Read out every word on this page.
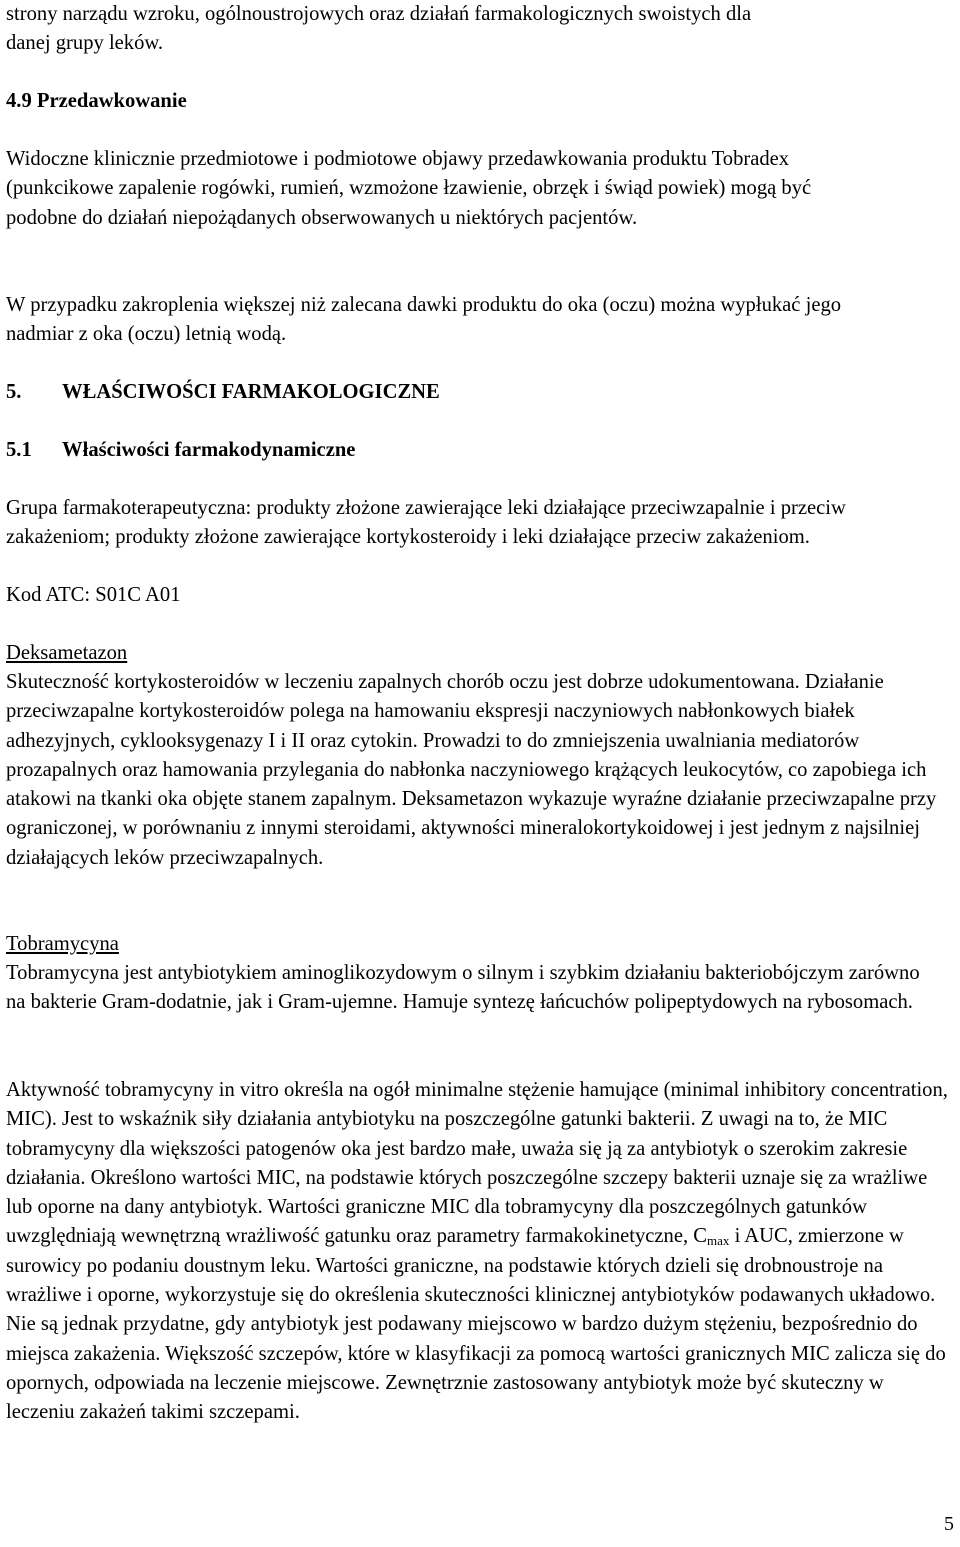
strony narządu wzroku, ogólnoustrojowych oraz działań farmakologicznych swoistych dla

danej grupy leków.

4.9 Przedawkowanie

Widoczne klinicznie przedmiotowe i podmiotowe objawy przedawkowania produktu Tobradex (punkcikowe zapalenie rogówki, rumień, wzmożone łzawienie, obrzęk i świąd powiek) mogą być podobne do działań niepożądanych obserwowanych u niektórych pacjentów.

W przypadku zakroplenia większej niż zalecana dawki produktu do oka (oczu) można wypłukać jego nadmiar z oka (oczu) letnią wodą.

5. WŁAŚCIWOŚCI FARMAKOLOGICZNE

5.1 Właściwości farmakodynamiczne

Grupa farmakoterapeutyczna: produkty złożone zawierające leki działające przeciwzapalnie i przeciw zakażeniom; produkty złożone zawierające kortykosteroidy i leki działające przeciw zakażeniom.

Kod ATC: S01C A01

Deksametazon

Skuteczność kortykosteroidów w leczeniu zapalnych chorób oczu jest dobrze udokumentowana. Działanie przeciwzapalne kortykosteroidów polega na hamowaniu ekspresji naczyniowych nabłonkowych białek adhezyjnych, cyklooksygenazy I i II oraz cytokin. Prowadzi to do zmniejszenia uwalniania mediatorów prozapalnych oraz hamowania przylegania do nabłonka naczyniowego krążących leukocytów, co zapobiega ich atakowi na tkanki oka objęte stanem zapalnym. Deksametazon wykazuje wyraźne działanie przeciwzapalne przy ograniczonej, w porównaniu z innymi steroidami, aktywności mineralokortykoidowej i jest jednym z najsilniej działających leków przeciwzapalnych.

Tobramycyna

Tobramycyna jest antybiotykiem aminoglikozydowym o silnym i szybkim działaniu bakteriobójczym zarówno na bakterie Gram-dodatnie, jak i Gram-ujemne. Hamuje syntezę łańcuchów polipeptydowych na rybosomach.

Aktywność tobramycyny in vitro określa na ogół minimalne stężenie hamujące (minimal inhibitory concentration, MIC). Jest to wskaźnik siły działania antybiotyku na poszczególne gatunki bakterii. Z uwagi na to, że MIC tobramycyny dla większości patogenów oka jest bardzo małe, uważa się ją za antybiotyk o szerokim zakresie działania. Określono wartości MIC, na podstawie których poszczególne szczepy bakterii uznaje się za wrażliwe lub oporne na dany antybiotyk. Wartości graniczne MIC dla tobramycyny dla poszczególnych gatunków uwzględniają wewnętrzną wrażliwość gatunku oraz parametry farmakokinetyczne, $C_{max}$ i AUC, zmierzone w surowicy po podaniu doustnym leku. Wartości graniczne, na podstawie których dzieli się drobnoustroje na wrażliwe i oporne, wykorzystuje się do określenia skuteczności klinicznej antybiotyków podawanych układowo. Nie są jednak przydatne, gdy antybiotyk jest podawany miejscowo w bardzo dużym stężeniu, bezpośrednio do miejsca zakażenia. Większość szczepów, które w klasyfikacji za pomocą wartości granicznych MIC zalicza się do opornych, odpowiada na leczenie miejscowe. Zewnętrznie zastosowany antybiotyk może być skuteczny w leczeniu zakażeń takimi szczepami.

5
